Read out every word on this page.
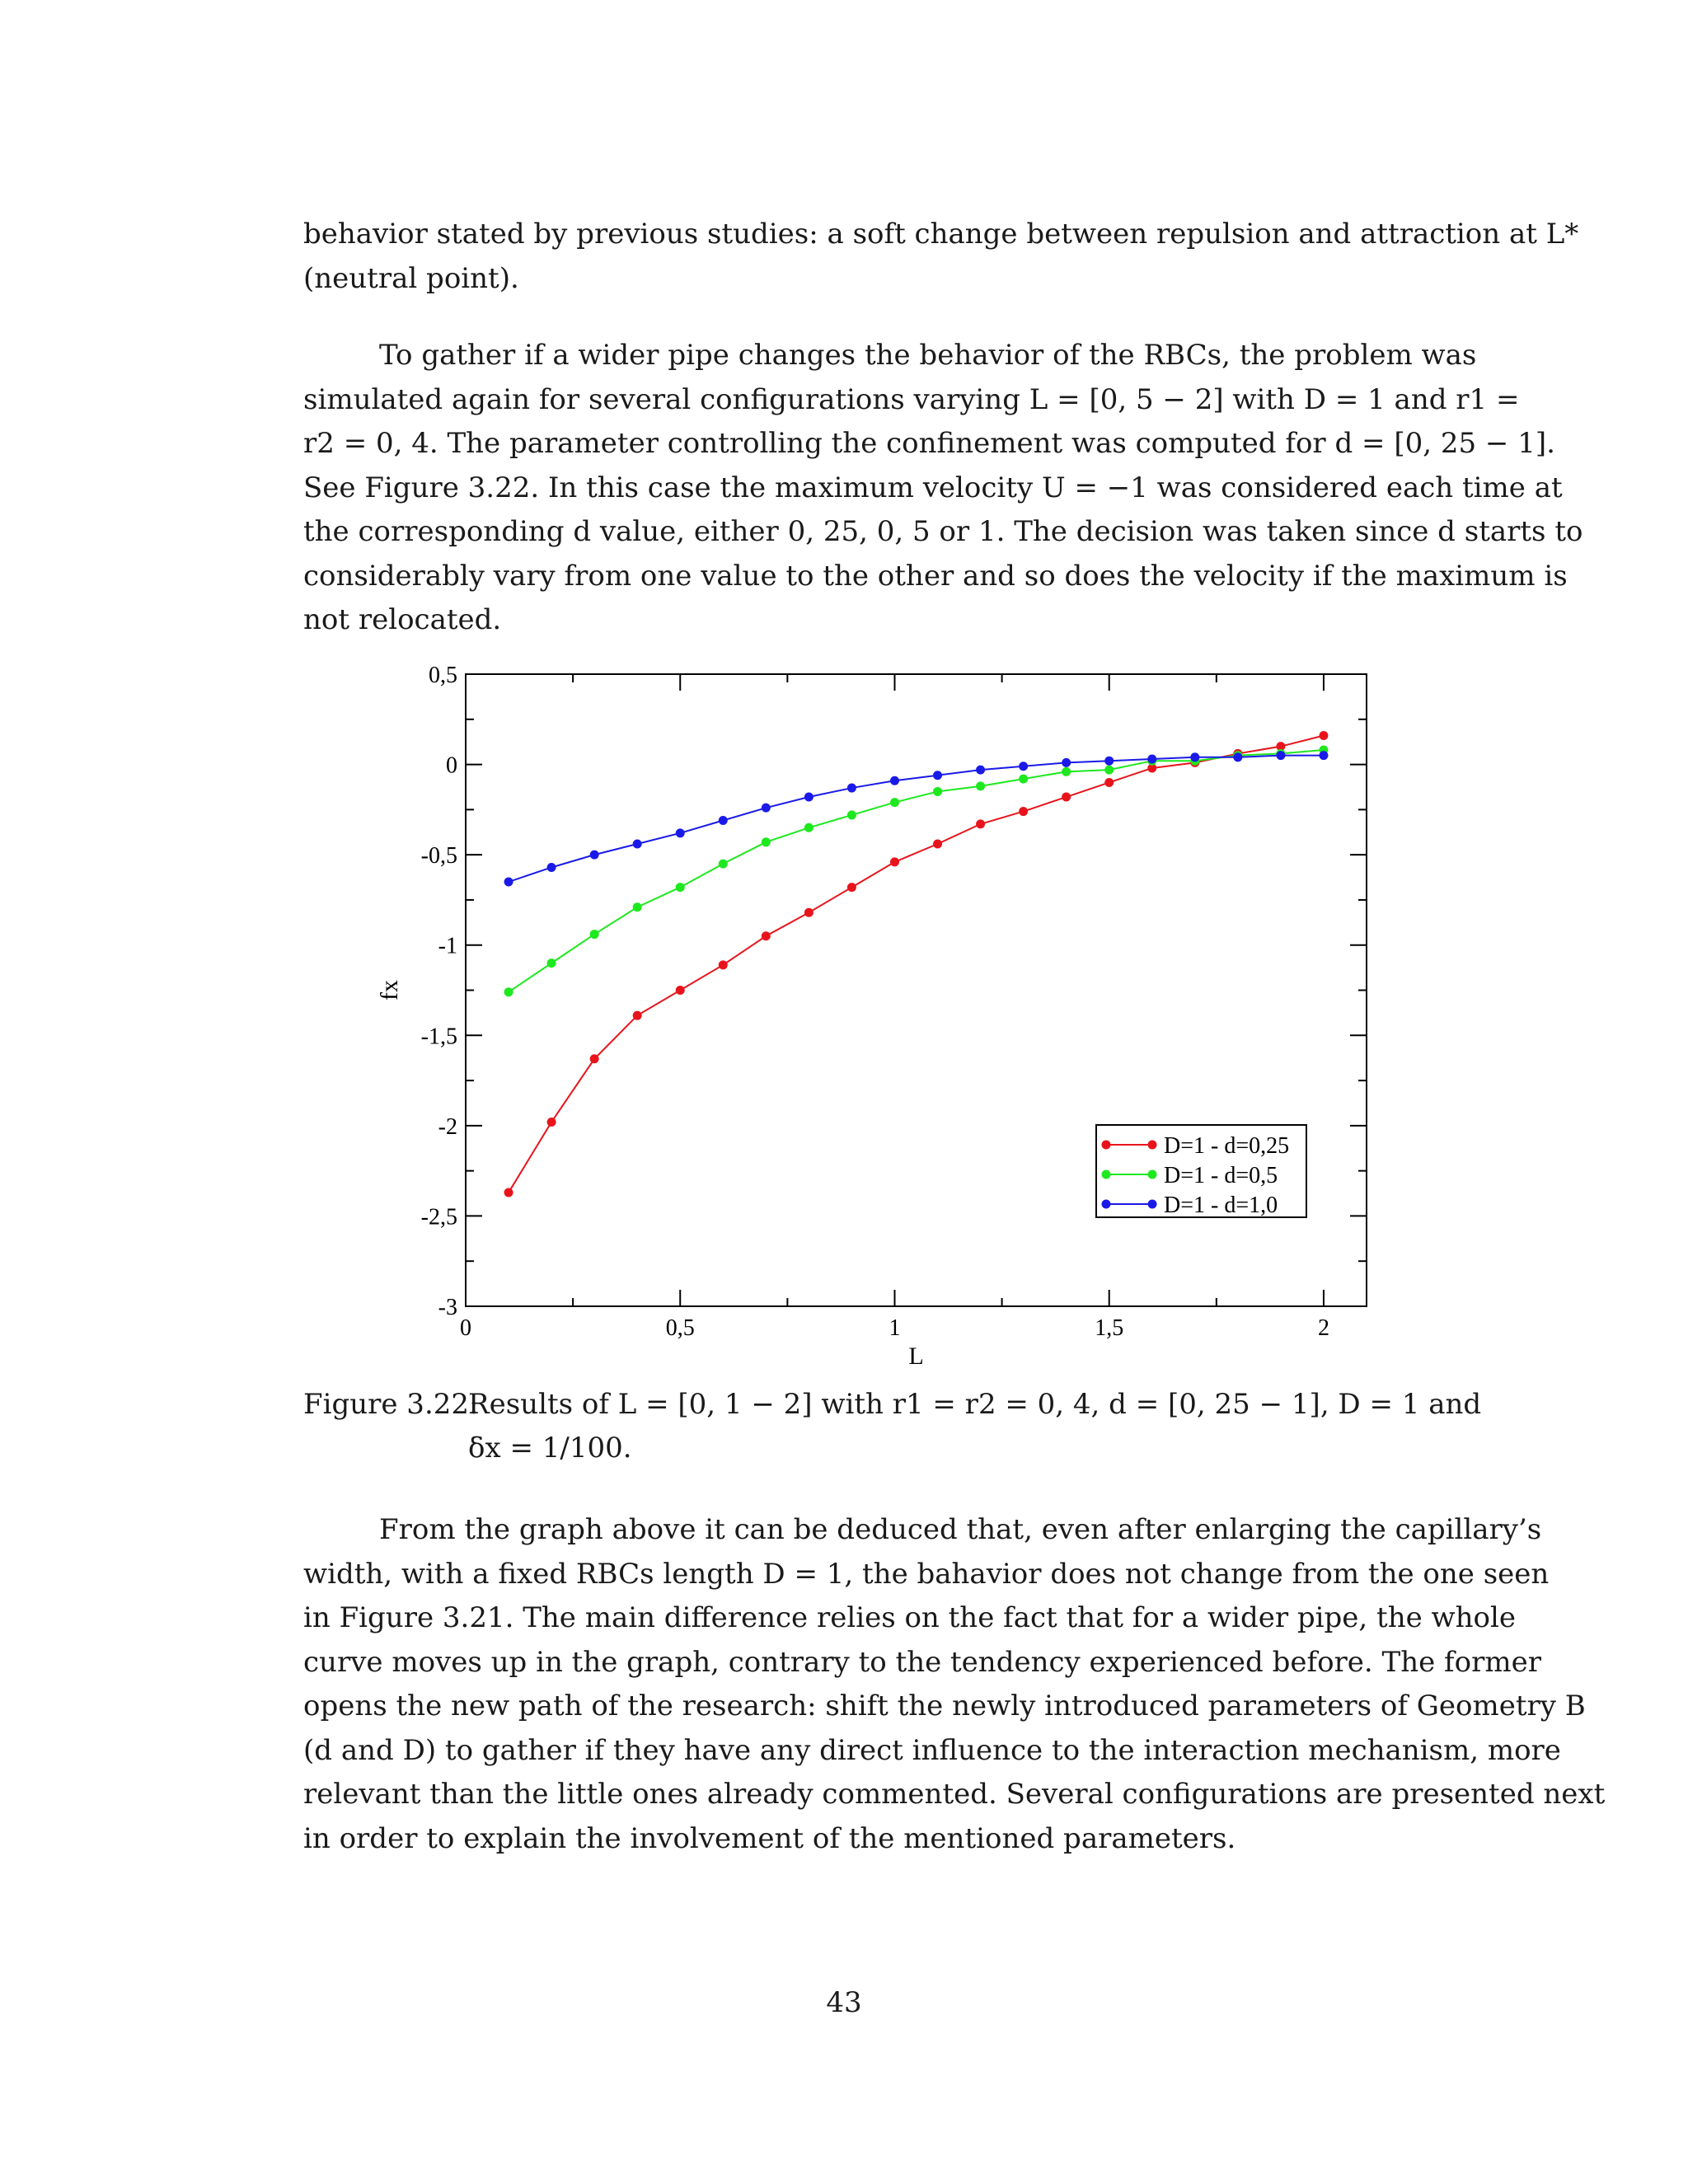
behavior stated by previous studies: a soft change between repulsion and attraction at L*
(neutral point).
To gather if a wider pipe changes the behavior of the RBCs, the problem was
simulated again for several configurations varying L = [0, 5 − 2] with D = 1 and r1 =
r2 = 0, 4. The parameter controlling the confinement was computed for d = [0, 25 − 1].
See Figure 3.22. In this case the maximum velocity U = −1 was considered each time at
the corresponding d value, either 0, 25, 0, 5 or 1. The decision was taken since d starts to
considerably vary from one value to the other and so does the velocity if the maximum is
not relocated.
0	0,5	1	1,5	2
0,5
0
-0,5
-1
-1,5
-2
-2,5
-3
L
fx
D=1 - d=0,25
D=1 - d=0,5
D=1 - d=1,0
Figure 3.22:
Results of L = [0, 1 − 2] with r1 = r2 = 0, 4, d = [0, 25 − 1], D = 1 and
δx = 1/100.
From the graph above it can be deduced that, even after enlarging the capillary’s
width, with a fixed RBCs length D = 1, the bahavior does not change from the one seen
in Figure 3.21. The main difference relies on the fact that for a wider pipe, the whole
curve moves up in the graph, contrary to the tendency experienced before. The former
opens the new path of the research: shift the newly introduced parameters of Geometry B
(d and D) to gather if they have any direct influence to the interaction mechanism, more
relevant than the little ones already commented. Several configurations are presented next
in order to explain the involvement of the mentioned parameters.
43
